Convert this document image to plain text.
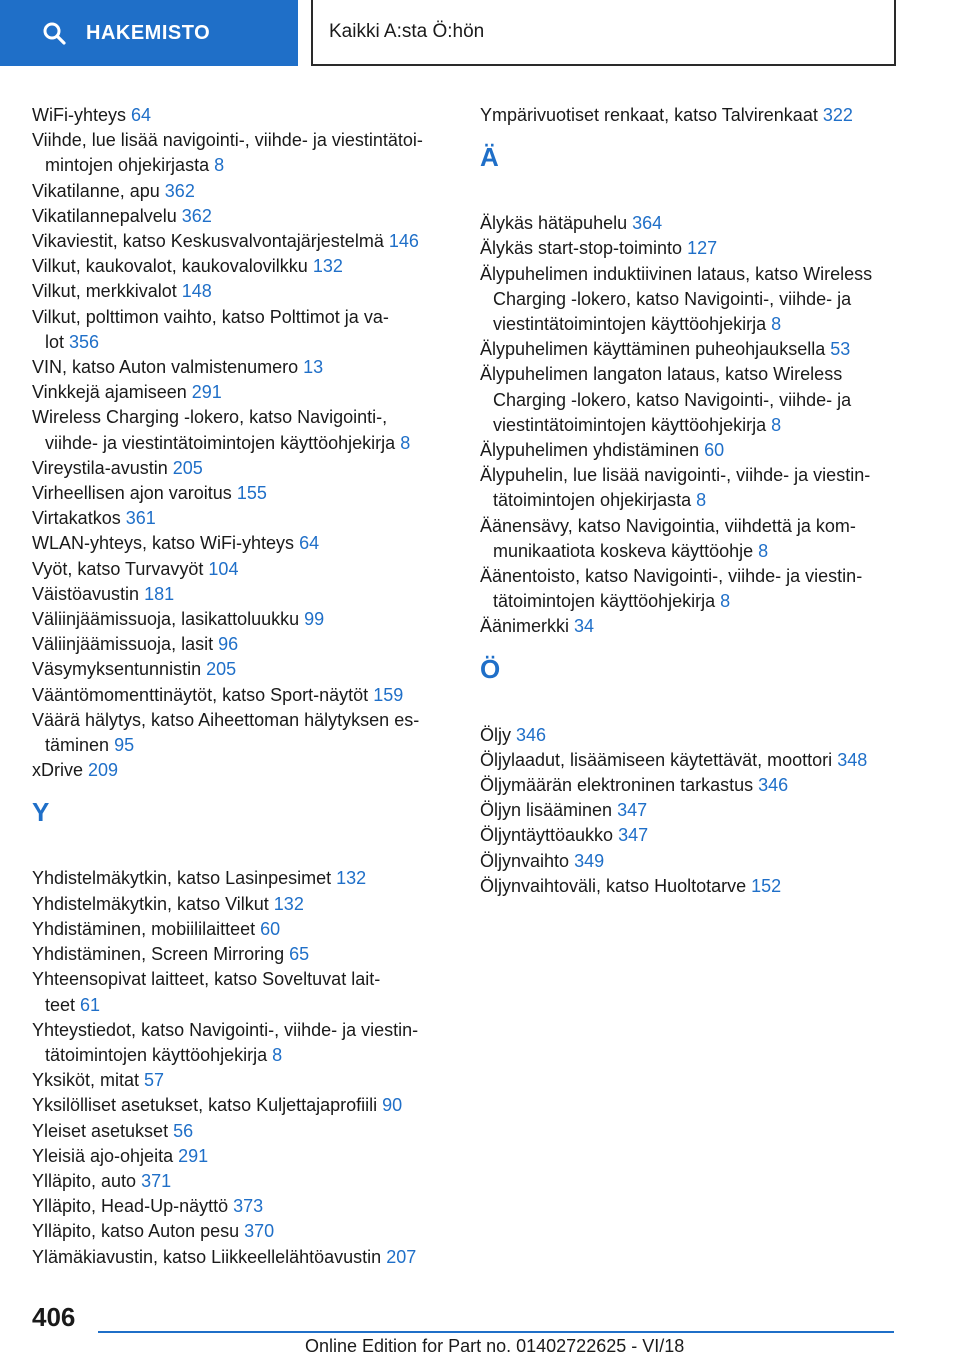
HAKEMISTO	Kaikki A:sta Ö:hön
WiFi-yhteys 64
Viihde, lue lisää navigointi-, viihde- ja viestintätoi-
mintojen ohjekirjasta 8
Vikatilanne, apu 362
Vikatilannepalvelu 362
Vikaviestit, katso Keskusvalvontajärjestelmä 146
Vilkut, kaukovalot, kaukovalovilkku 132
Vilkut, merkkivalot 148
Vilkut, polttimon vaihto, katso Polttimot ja va-
lot 356
VIN, katso Auton valmistenumero 13
Vinkkejä ajamiseen 291
Wireless Charging -lokero, katso Navigointi-,
viihde- ja viestintätoimintojen käyttöohjekirja 8
Vireystila-avustin 205
Virheellisen ajon varoitus 155
Virtakatkos 361
WLAN-yhteys, katso WiFi-yhteys 64
Vyöt, katso Turvavyöt 104
Väistöavustin 181
Väliinjäämissuoja, lasikattoluukku 99
Väliinjäämissuoja, lasit 96
Väsymyksentunnistin 205
Vääntömomenttinäytöt, katso Sport-näytöt 159
Väärä hälytys, katso Aiheettoman hälytyksen es-
täminen 95
xDrive 209
Y
Yhdistelmäkytkin, katso Lasinpesimet 132
Yhdistelmäkytkin, katso Vilkut 132
Yhdistäminen, mobiililaitteet 60
Yhdistäminen, Screen Mirroring 65
Yhteensopivat laitteet, katso Soveltuvat lait-
teet 61
Yhteystiedot, katso Navigointi-, viihde- ja viestin-
tätoimintojen käyttöohjekirja 8
Yksiköt, mitat 57
Yksilölliset asetukset, katso Kuljettajaprofiili 90
Yleiset asetukset 56
Yleisiä ajo-ohjeita 291
Ylläpito, auto 371
Ylläpito, Head-Up-näyttö 373
Ylläpito, katso Auton pesu 370
Ylämäkiavustin, katso Liikkeellelähtöavustin 207
Ympärivuotiset renkaat, katso Talvirenkaat 322
Ä
Älykäs hätäpuhelu 364
Älykäs start-stop-toiminto 127
Älypuhelimen induktiivinen lataus, katso Wireless
Charging -lokero, katso Navigointi-, viihde- ja
viestintätoimintojen käyttöohjekirja 8
Älypuhelimen käyttäminen puheohjauksella 53
Älypuhelimen langaton lataus, katso Wireless
Charging -lokero, katso Navigointi-, viihde- ja
viestintätoimintojen käyttöohjekirja 8
Älypuhelimen yhdistäminen 60
Älypuhelin, lue lisää navigointi-, viihde- ja viestin-
tätoimintojen ohjekirjasta 8
Äänensävy, katso Navigointia, viihdettä ja kom-
munikaatiota koskeva käyttöohje 8
Äänentoisto, katso Navigointi-, viihde- ja viestin-
tätoimintojen käyttöohjekirja 8
Äänimerkki 34
Ö
Öljy 346
Öljylaadut, lisäämiseen käytettävät, moottori 348
Öljymäärän elektroninen tarkastus 346
Öljyn lisääminen 347
Öljyntäyttöaukko 347
Öljynvaihto 349
Öljynvaihtoväli, katso Huoltotarve 152
406
Online Edition for Part no. 01402722625 - VI/18
